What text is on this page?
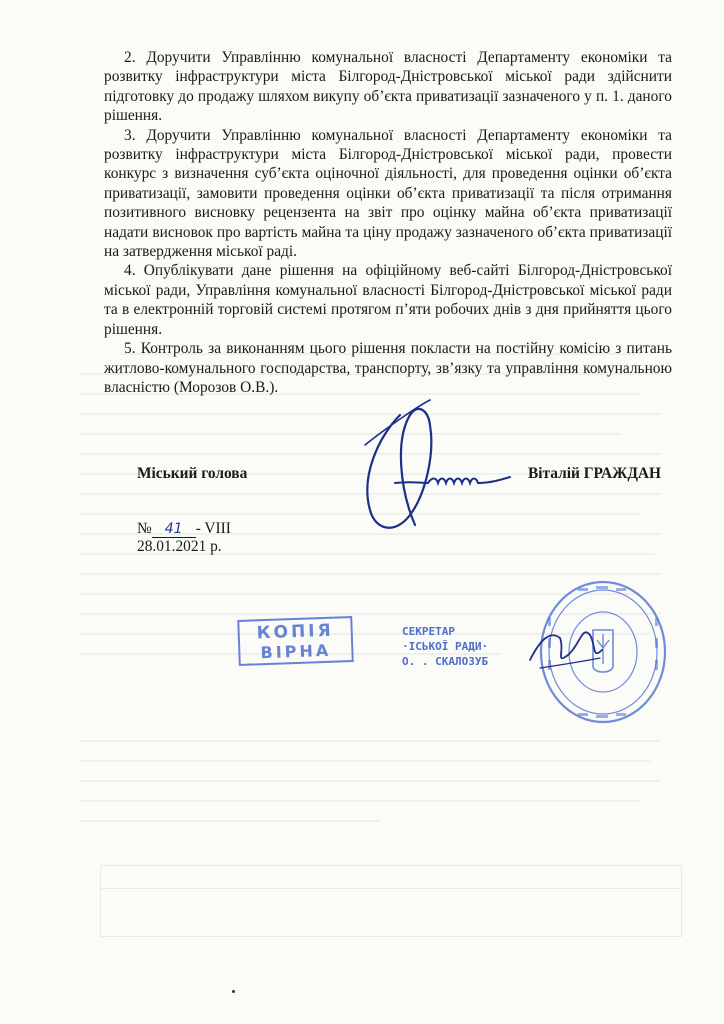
2. Доручити Управлінню комунальної власності Департаменту економіки та розвитку інфраструктури міста Білгород-Дністровської міської ради здійснити підготовку до продажу шляхом викупу об’єкта приватизації зазначеного у п. 1. даного рішення.

3. Доручити Управлінню комунальної власності Департаменту економіки та розвитку інфраструктури міста Білгород-Дністровської міської ради, провести конкурс з визначення суб’єкта оціночної діяльності, для проведення оцінки об’єкта приватизації, замовити проведення оцінки об’єкта приватизації та після отримання позитивного висновку рецензента на звіт про оцінку майна об’єкта приватизації надати висновок про вартість майна та ціну продажу зазначеного об’єкта приватизації на затвердження міської раді.

4. Опублікувати дане рішення на офіційному веб-сайті Білгород-Дністровської міської ради, Управління комунальної власності Білгород-Дністровської міської ради та в електронній торговій системі протягом п’яти робочих днів з дня прийняття цього рішення.

5. Контроль за виконанням цього рішення покласти на постійну комісію з питань житлово-комунального господарства, транспорту, зв’язку та управління комунальною власністю (Морозов О.В.).

Міський голова	Віталій ГРАЖДАН
№ 41 - VIII
28.01.2021 р.
КОПІЯ
ВІРНА
СЕКРЕТАР
·ІСЬКОЇ РАДИ·
О. . СКАЛОЗУБ
